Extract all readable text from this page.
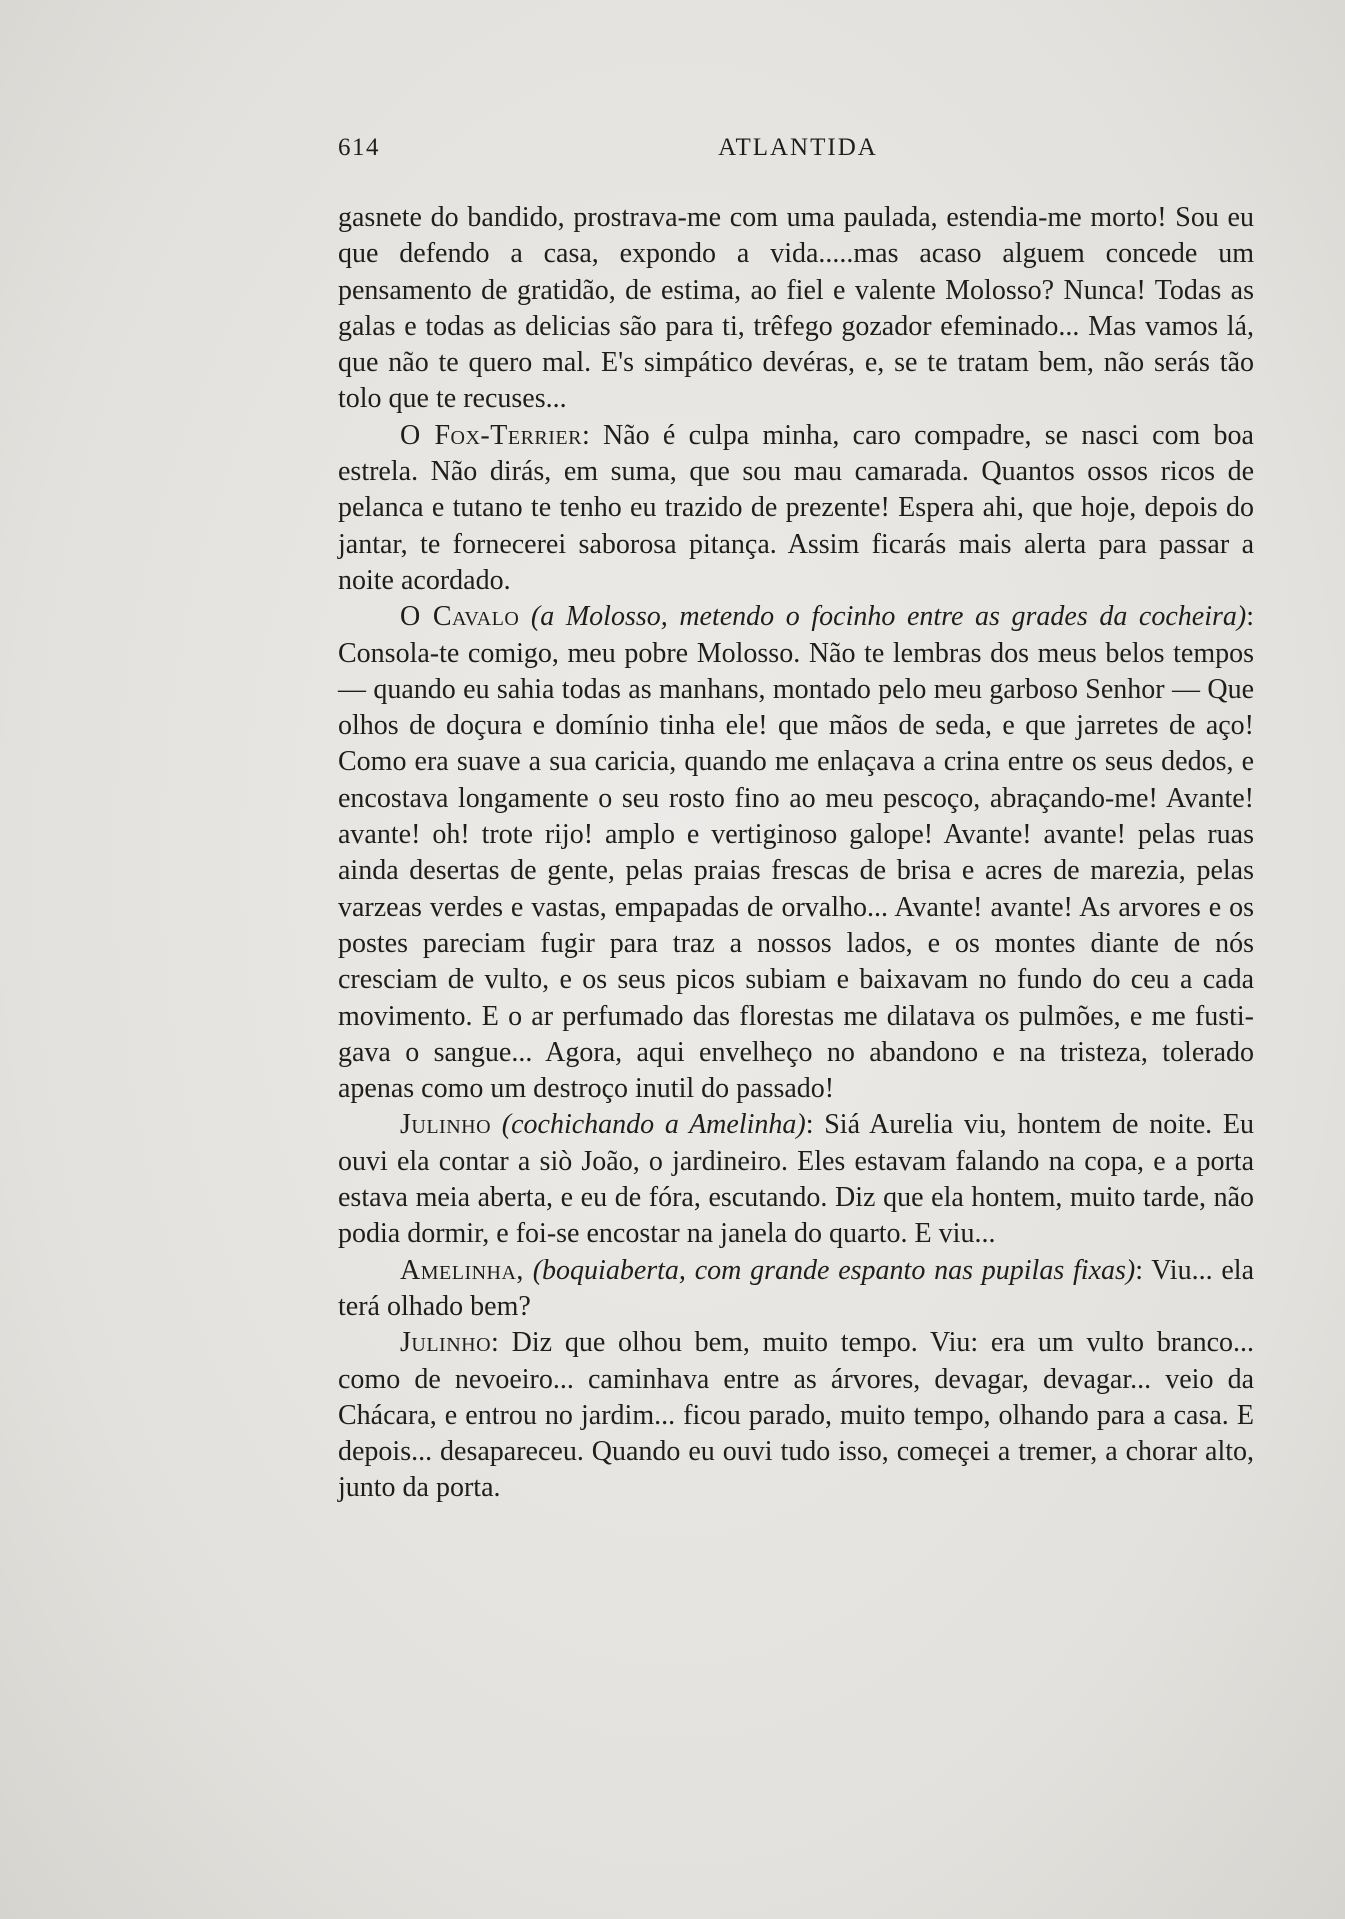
614	ATLANTIDA

gasnete do bandido, prostrava-me com uma paulada, estendia-me morto! Sou eu que defendo a casa, expondo a vida.....mas acaso alguem concede um pensamento de gratidão, de estima, ao fiel e valente Molosso? Nunca! Todas as galas e todas as delicias são para ti, trêfego gozador efeminado... Mas vamos lá, que não te quero mal. E's simpático devéras, e, se te tratam bem, não serás tão tolo que te recuses...

O Fox-Terrier: Não é culpa minha, caro compadre, se nasci com boa estrela. Não dirás, em suma, que sou mau camarada. Quantos ossos ricos de pelanca e tutano te tenho eu trazido de prezente! Espera ahi, que hoje, depois do jantar, te fornecerei saborosa pitança. Assim ficarás mais alerta para passar a noite acordado.

O Cavalo (a Molosso, metendo o focinho entre as grades da cocheira): Consola-te comigo, meu pobre Molosso. Não te lembras dos meus belos tempos — quando eu sahia todas as manhans, montado pelo meu garboso Senhor — Que olhos de doçura e domínio tinha ele! que mãos de seda, e que jarretes de aço! Como era suave a sua caricia, quando me enlaçava a crina entre os seus dedos, e encostava longamente o seu rosto fino ao meu pescoço, abraçando-me! Avante! avante! oh! trote rijo! amplo e vertiginoso galope! Avante! avante! pelas ruas ainda desertas de gente, pelas praias frescas de brisa e acres de marezia, pelas varzeas verdes e vastas, empapadas de orvalho... Avante! avante! As arvores e os postes pareciam fugir para traz a nossos lados, e os montes diante de nós cresciam de vulto, e os seus picos subiam e baixavam no fundo do ceu a cada movimento. E o ar perfumado das florestas me dilatava os pulmões, e me fustigava o sangue... Agora, aqui envelheço no abandono e na tristeza, tolerado apenas como um destroço inutil do passado!

Julinho (cochichando a Amelinha): Siá Aurelia viu, hontem de noite. Eu ouvi ela contar a siò João, o jardineiro. Eles estavam falando na copa, e a porta estava meia aberta, e eu de fóra, escutando. Diz que ela hontem, muito tarde, não podia dormir, e foi-se encostar na janela do quarto. E viu...

Amelinha, (boquiaberta, com grande espanto nas pupilas fixas): Viu... ela terá olhado bem?

Julinho: Diz que olhou bem, muito tempo. Viu: era um vulto branco... como de nevoeiro... caminhava entre as árvores, devagar, devagar... veio da Chácara, e entrou no jardim... ficou parado, muito tempo, olhando para a casa. E depois... desapareceu. Quando eu ouvi tudo isso, começei a tremer, a chorar alto, junto da porta.
